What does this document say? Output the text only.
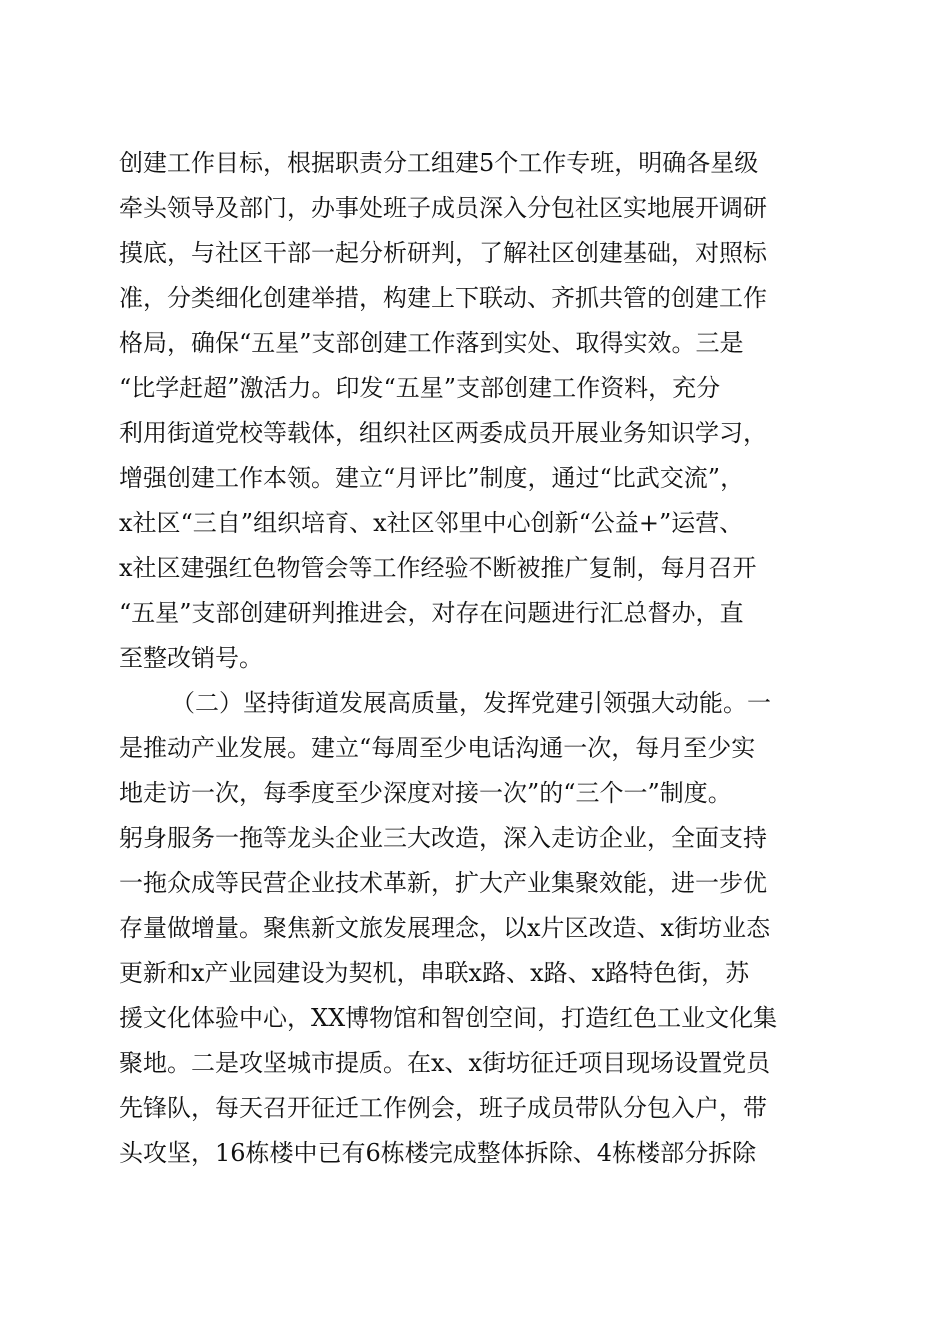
创建工作目标，根据职责分工组建5个工作专班，明确各星级
牵头领导及部门，办事处班子成员深入分包社区实地展开调研
摸底，与社区干部一起分析研判，了解社区创建基础，对照标
准，分类细化创建举措，构建上下联动、齐抓共管的创建工作
格局，确保“五星”支部创建工作落到实处、取得实效。三是
“比学赶超”激活力。印发“五星”支部创建工作资料，充分
利用街道党校等载体，组织社区两委成员开展业务知识学习，
增强创建工作本领。建立“月评比”制度，通过“比武交流”，
x社区“三自”组织培育、x社区邻里中心创新“公益+”运营、
x社区建强红色物管会等工作经验不断被推广复制，每月召开
“五星”支部创建研判推进会，对存在问题进行汇总督办，直
至整改销号。
（二）坚持街道发展高质量，发挥党建引领强大动能。一
是推动产业发展。建立“每周至少电话沟通一次，每月至少实
地走访一次，每季度至少深度对接一次”的“三个一”制度。
躬身服务一拖等龙头企业三大改造，深入走访企业，全面支持
一拖众成等民营企业技术革新，扩大产业集聚效能，进一步优
存量做增量。聚焦新文旅发展理念，以x片区改造、x街坊业态
更新和x产业园建设为契机，串联x路、x路、x路特色街，苏
援文化体验中心，XX博物馆和智创空间，打造红色工业文化集
聚地。二是攻坚城市提质。在x、x街坊征迁项目现场设置党员
先锋队，每天召开征迁工作例会，班子成员带队分包入户，带
头攻坚，16栋楼中已有6栋楼完成整体拆除、4栋楼部分拆除
